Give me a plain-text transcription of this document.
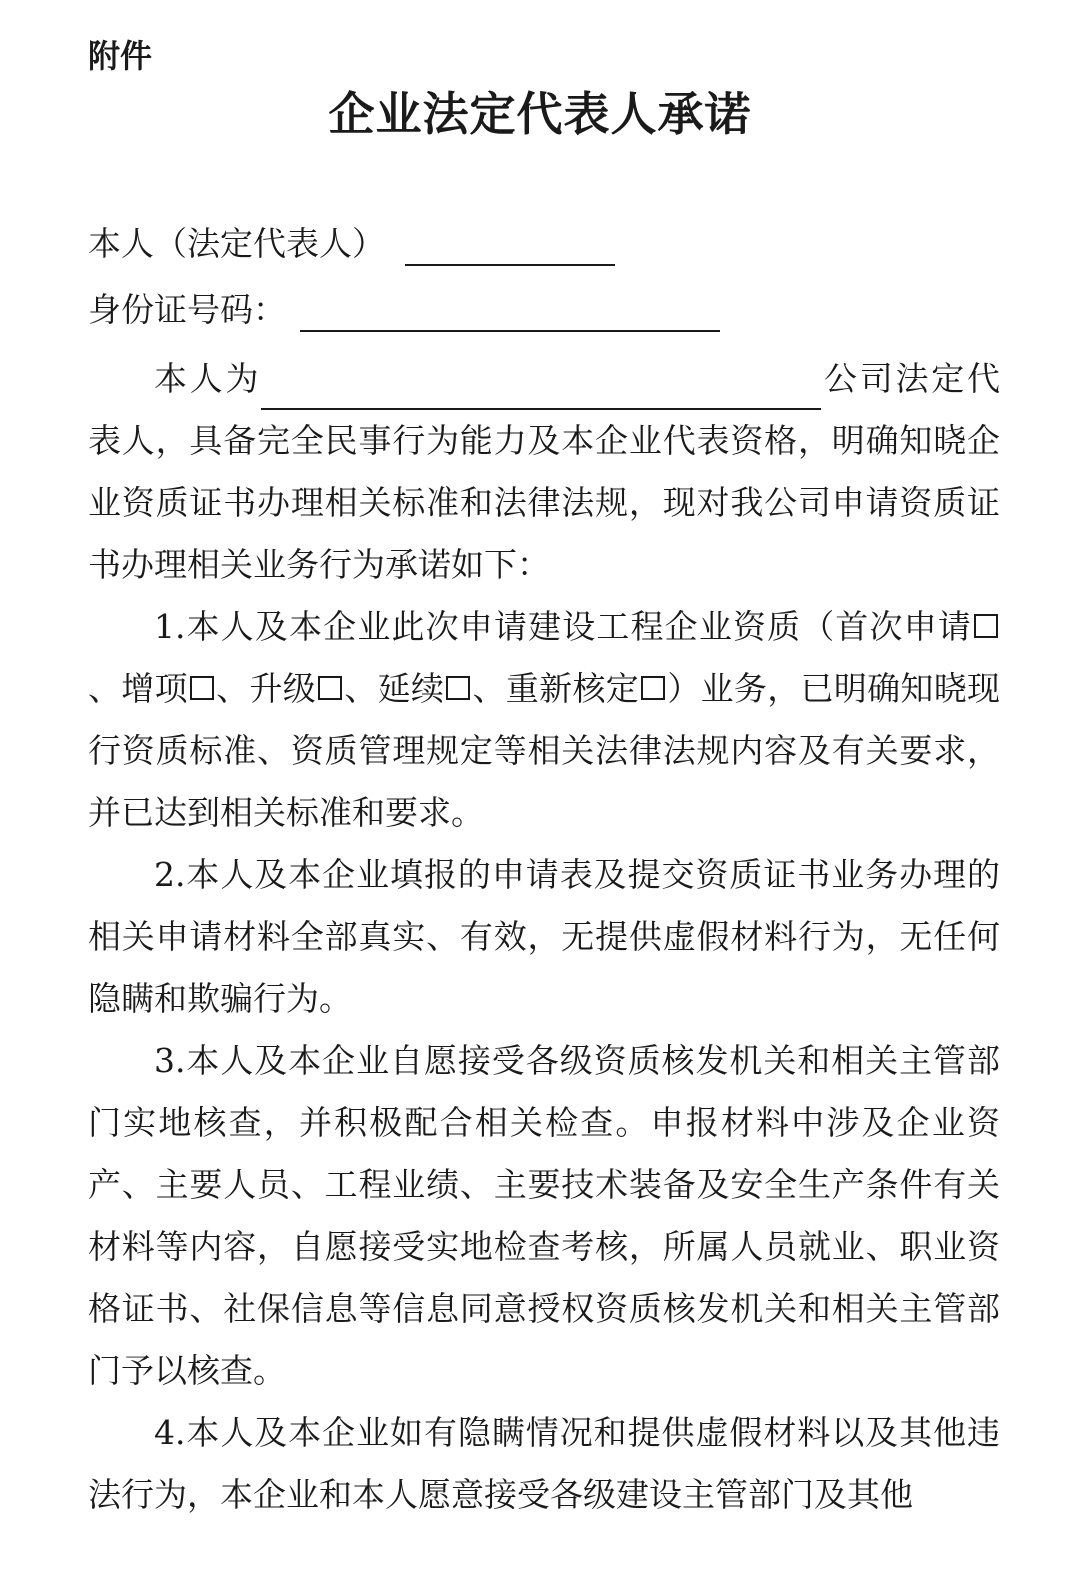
附件
企业法定代表人承诺
本人（法定代表人）
身份证号码：

本人为	公司法定代表人，具备完全民事行为能力及本企业代表资格，明确知晓企业资质证书办理相关标准和法律法规，现对我公司申请资质证书办理相关业务行为承诺如下：

1.本人及本企业此次申请建设工程企业资质（首次申请、增项 、升级 、延续 、重新核定 ）业务，已明确知晓现行资质标准、资质管理规定等相关法律法规内容及有关要求，并已达到相关标准和要求。

2.本人及本企业填报的申请表及提交资质证书业务办理的相关申请材料全部真实、有效，无提供虚假材料行为，无任何隐瞒和欺骗行为。

3.本人及本企业自愿接受各级资质核发机关和相关主管部门实地核查，并积极配合相关检查。申报材料中涉及企业资产、主要人员、工程业绩、主要技术装备及安全生产条件有关材料等内容，自愿接受实地检查考核，所属人员就业、职业资格证书、社保信息等信息同意授权资质核发机关和相关主管部门予以核查。

4.本人及本企业如有隐瞒情况和提供虚假材料以及其他违法行为，本企业和本人愿意接受各级建设主管部门及其他
